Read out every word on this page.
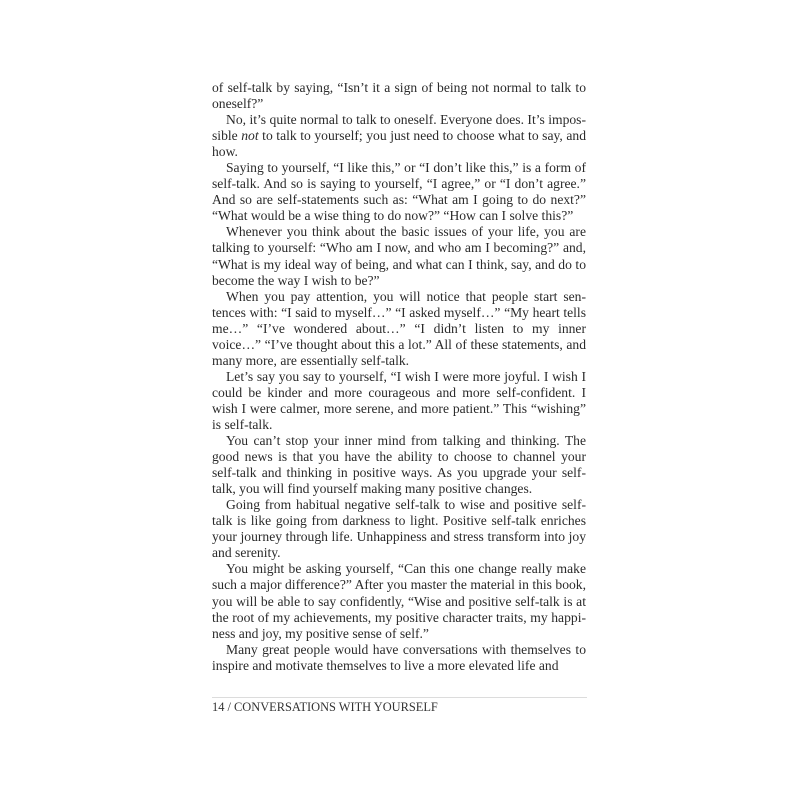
of self-talk by saying, “Isn’t it a sign of being not normal to talk to oneself?”

No, it’s quite normal to talk to oneself. Everyone does. It’s impossible not to talk to yourself; you just need to choose what to say, and how.

Saying to yourself, “I like this,” or “I don’t like this,” is a form of self-talk. And so is saying to yourself, “I agree,” or “I don’t agree.” And so are self-statements such as: “What am I going to do next?” “What would be a wise thing to do now?” “How can I solve this?”

Whenever you think about the basic issues of your life, you are talking to yourself: “Who am I now, and who am I becoming?” and, “What is my ideal way of being, and what can I think, say, and do to become the way I wish to be?”

When you pay attention, you will notice that people start sentences with: “I said to myself…” “I asked myself…” “My heart tells me…” “I’ve wondered about…” “I didn’t listen to my inner voice…” “I’ve thought about this a lot.” All of these statements, and many more, are essentially self-talk.

Let’s say you say to yourself, “I wish I were more joyful. I wish I could be kinder and more courageous and more self-confident. I wish I were calmer, more serene, and more patient.” This “wishing” is self-talk.

You can’t stop your inner mind from talking and thinking. The good news is that you have the ability to choose to channel your self-talk and thinking in positive ways. As you upgrade your self-talk, you will find yourself making many positive changes.

Going from habitual negative self-talk to wise and positive self-talk is like going from darkness to light. Positive self-talk enriches your journey through life. Unhappiness and stress transform into joy and serenity.

You might be asking yourself, “Can this one change really make such a major difference?” After you master the material in this book, you will be able to say confidently, “Wise and positive self-talk is at the root of my achievements, my positive character traits, my happiness and joy, my positive sense of self.”

Many great people would have conversations with themselves to inspire and motivate themselves to live a more elevated life and

14 / CONVERSATIONS WITH YOURSELF
